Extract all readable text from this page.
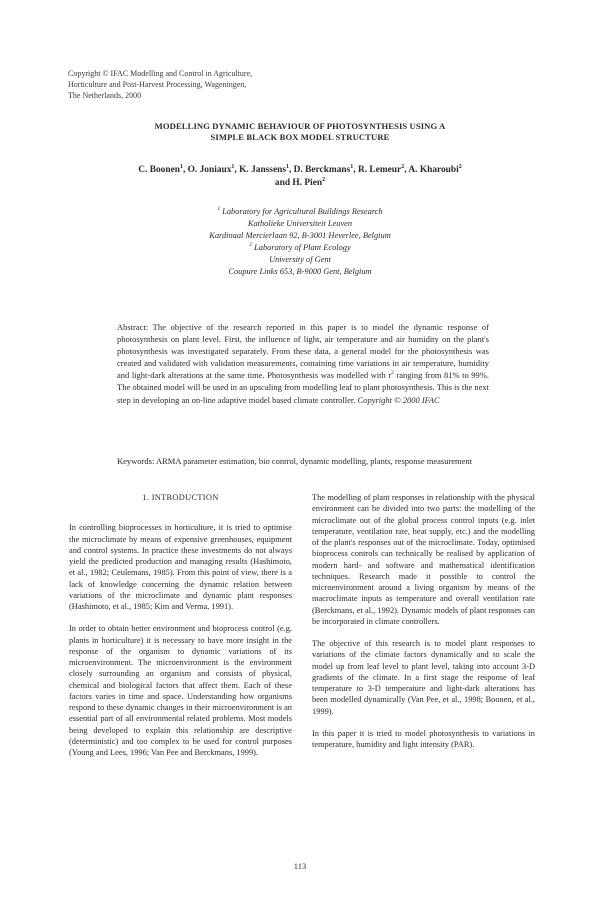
Copyright © IFAC Modelling and Control in Agriculture,
Horticulture and Post-Harvest Processing, Wageningen,
The Netherlands, 2000
MODELLING DYNAMIC BEHAVIOUR OF PHOTOSYNTHESIS USING A
SIMPLE BLACK BOX MODEL STRUCTURE
C. Boonen$^1$, O. Joniaux$^1$, K. Janssens$^1$, D. Berckmans$^1$, R. Lemeur$^2$, A. Kharoubi$^2$
and H. Pien$^2$
$^1$ Laboratory for Agricultural Buildings Research
Katholieke Universiteit Leuven
Kardinaal Mercierlaan 92, B-3001 Heverlee, Belgium
$^2$ Laboratory of Plant Ecology
University of Gent
Coupure Links 653, B-9000 Gent, Belgium
Abstract: The objective of the research reported in this paper is to model the dynamic response of photosynthesis on plant level. First, the influence of light, air temperature and air humidity on the plant's photosynthesis was investigated separately. From these data, a general model for the photosynthesis was created and validated with validation measurements, containing time variations in air temperature, humidity and light-dark alterations at the same time. Photosynthesis was modelled with $r^2$ ranging from 81% to 99%. The obtained model will be used in an upscaling from modelling leaf to plant photosynthesis. This is the next step in developing an on-line adaptive model based climate controller. Copyright © 2000 IFAC
Keywords: ARMA parameter estimation, bio control, dynamic modelling, plants, response measurement
1. INTRODUCTION

In controlling bioprocesses in horticulture, it is tried to optimise the microclimate by means of expensive greenhouses, equipment and control systems. In practice these investments do not always yield the predicted production and managing results (Hashimoto, et al., 1982; Ceulemans, 1985). From this point of view, there is a lack of knowledge concerning the dynamic relation between variations of the microclimate and dynamic plant responses (Hashimoto, et al., 1985; Kim and Verma, 1991).

In order to obtain better environment and bioprocess control (e.g. plants in horticulture) it is necessary to have more insight in the response of the organism to dynamic variations of its microenvironment. The microenvironment is the environment closely surrounding an organism and consists of physical, chemical and biological factors that affect them. Each of these factors varies in time and space. Understanding how organisms respond to these dynamic changes in their microenvironment is an essential part of all environmental related problems. Most models being developed to explain this relationship are descriptive (deterministic) and too complex to be used for control purposes (Young and Lees, 1996; Van Pee and Berckmans, 1999).

The modelling of plant responses in relationship with the physical environment can be divided into two parts: the modelling of the microclimate out of the global process control inputs (e.g. inlet temperature, ventilation rate, heat supply, etc.) and the modelling of the plant's responses out of the microclimate. Today, optimised bioprocess controls can technically be realised by application of modern hard- and software and mathematical identification techniques. Research made it possible to control the microenvironment around a living organism by means of the macroclimate inputs as temperature and overall ventilation rate (Berckmans, et al., 1992). Dynamic models of plant responses can be incorporated in climate controllers.

The objective of this research is to model plant responses to variations of the climate factors dynamically and to scale the model up from leaf level to plant level, taking into account 3-D gradients of the climate. In a first stage the response of leaf temperature to 3-D temperature and light-dark alterations has been modelled dynamically (Van Pee, et al., 1998; Boonen, et al., 1999).

In this paper it is tried to model photosynthesis to variations in temperature, humidity and light intensity (PAR).

113
